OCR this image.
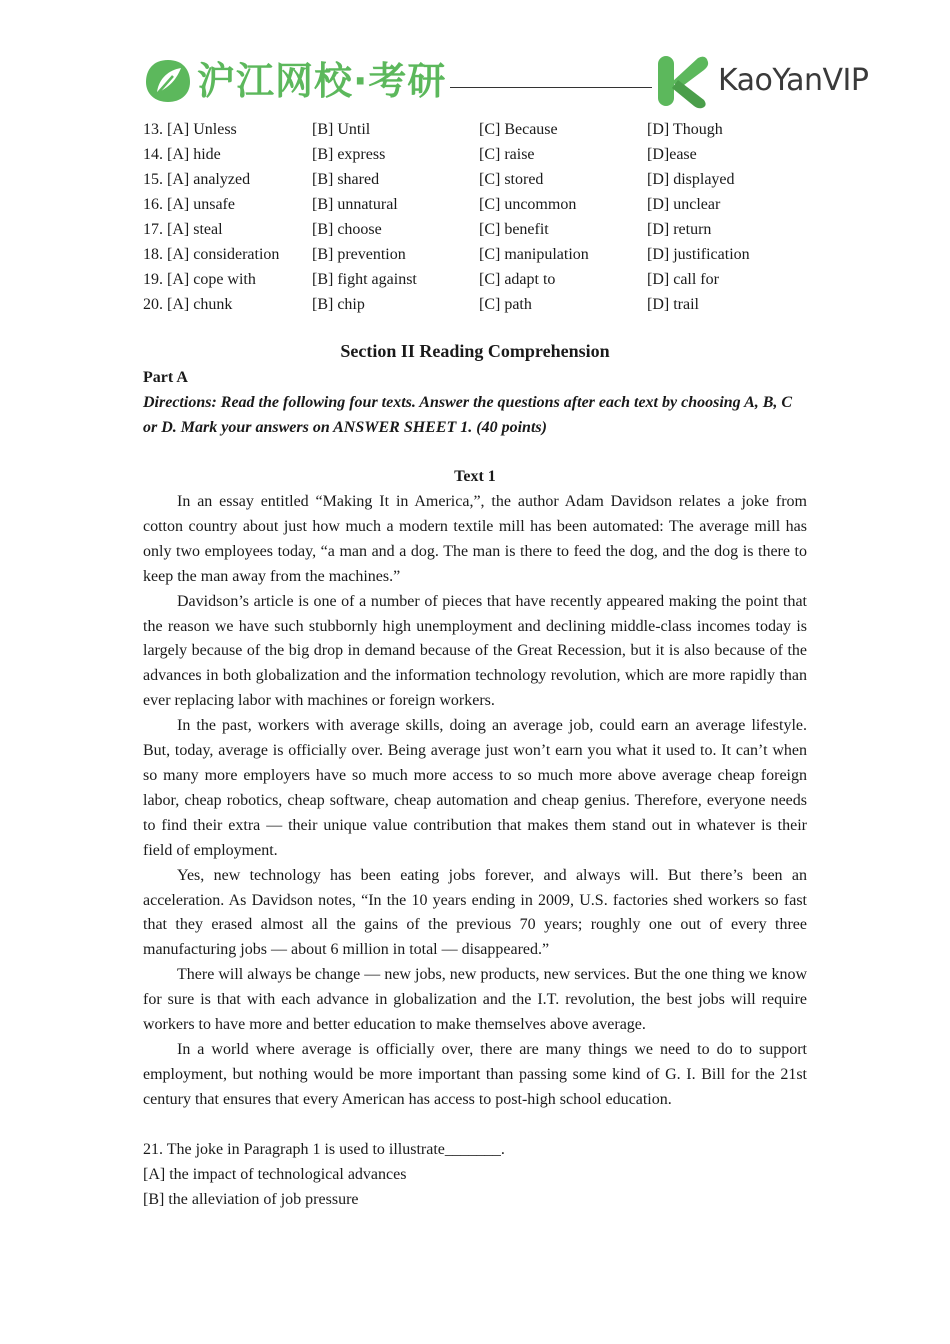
沪江网校·考研	KaoYanVIP
13. [A] Unless	[B] Until	[C] Because	[D] Though
14. [A] hide	[B] express	[C] raise	[D]ease
15. [A] analyzed	[B] shared	[C] stored	[D] displayed
16. [A] unsafe	[B] unnatural	[C] uncommon	[D] unclear
17. [A] steal	[B] choose	[C] benefit	[D] return
18. [A] consideration [B] prevention	[C] manipulation	[D] justification
19. [A] cope with	[B] fight against	[C] adapt to	[D] call for
20. [A] chunk	[B] chip	[C] path	[D] trail
Section II Reading Comprehension
Part A
Directions: Read the following four texts. Answer the questions after each text by choosing A, B, C or D. Mark your answers on ANSWER SHEET 1. (40 points)
Text 1

In an essay entitled “Making It in America,”, the author Adam Davidson relates a joke from cotton country about just how much a modern textile mill has been automated: The average mill has only two employees today, “a man and a dog. The man is there to feed the dog, and the dog is there to keep the man away from the machines.”

Davidson’s article is one of a number of pieces that have recently appeared making the point that the reason we have such stubbornly high unemployment and declining middle-class incomes today is largely because of the big drop in demand because of the Great Recession, but it is also because of the advances in both globalization and the information technology revolution, which are more rapidly than ever replacing labor with machines or foreign workers.

In the past, workers with average skills, doing an average job, could earn an average lifestyle. But, today, average is officially over. Being average just won’t earn you what it used to. It can’t when so many more employers have so much more access to so much more above average cheap foreign labor, cheap robotics, cheap software, cheap automation and cheap genius. Therefore, everyone needs to find their extra — their unique value contribution that makes them stand out in whatever is their field of employment.

Yes, new technology has been eating jobs forever, and always will. But there’s been an acceleration. As Davidson notes, “In the 10 years ending in 2009, U.S. factories shed workers so fast that they erased almost all the gains of the previous 70 years; roughly one out of every three manufacturing jobs — about 6 million in total — disappeared.”

There will always be change — new jobs, new products, new services. But the one thing we know for sure is that with each advance in globalization and the I.T. revolution, the best jobs will require workers to have more and better education to make themselves above average.

In a world where average is officially over, there are many things we need to do to support employment, but nothing would be more important than passing some kind of G. I. Bill for the 21st century that ensures that every American has access to post-high school education.

21. The joke in Paragraph 1 is used to illustrate_______.
[A] the impact of technological advances
[B] the alleviation of job pressure
